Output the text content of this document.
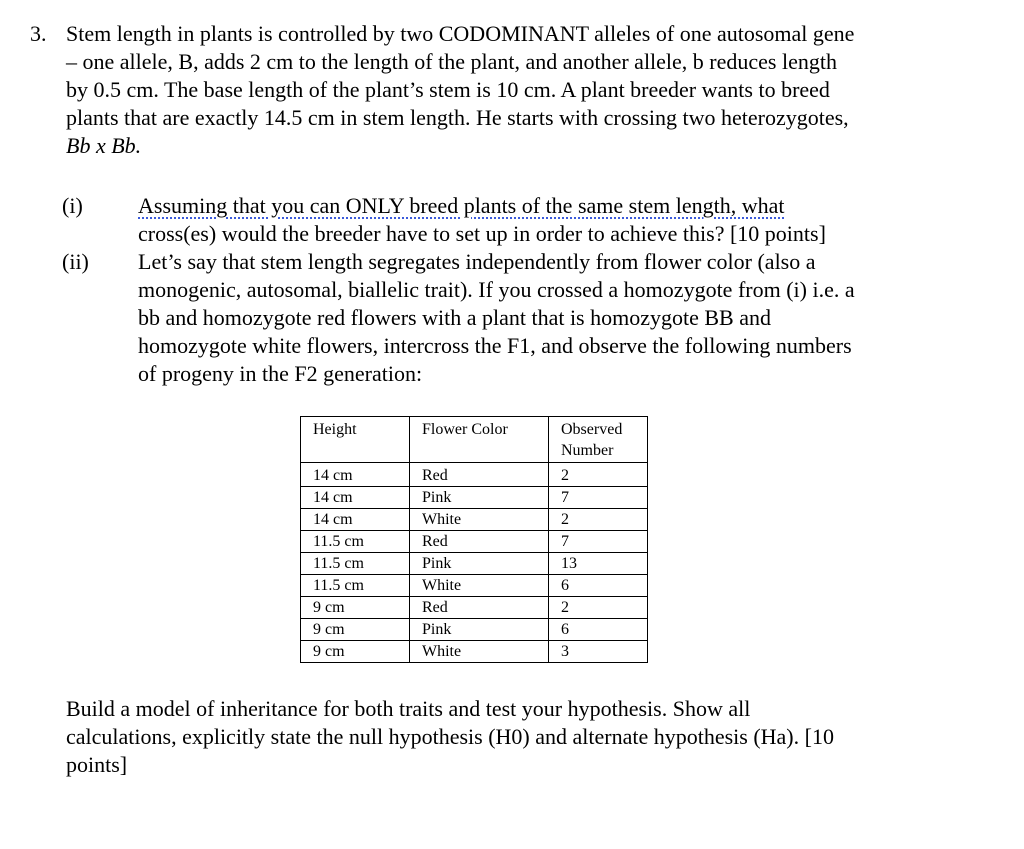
3. Stem length in plants is controlled by two CODOMINANT alleles of one autosomal gene
– one allele, B, adds 2 cm to the length of the plant, and another allele, b reduces length
by 0.5 cm. The base length of the plant’s stem is 10 cm. A plant breeder wants to breed
plants that are exactly 14.5 cm in stem length. He starts with crossing two heterozygotes,
Bb x Bb.
(i)	Assuming that you can ONLY breed plants of the same stem length, what
cross(es) would the breeder have to set up in order to achieve this? [10 points]
(ii) Let’s say that stem length segregates independently from flower color (also a
monogenic, autosomal, biallelic trait). If you crossed a homozygote from (i) i.e. a
bb and homozygote red flowers with a plant that is homozygote BB and
homozygote white flowers, intercross the F1, and observe the following numbers
of progeny in the F2 generation:
Height	Flower Color	Observed Number
14 cm	Red	2
14 cm	Pink	7
14 cm	White	2
11.5 cm	Red	7
11.5 cm	Pink	13
11.5 cm	White	6
9 cm	Red	2
9 cm	Pink	6
9 cm	White	3
Build a model of inheritance for both traits and test your hypothesis. Show all
calculations, explicitly state the null hypothesis (H0) and alternate hypothesis (Ha). [10
points]
